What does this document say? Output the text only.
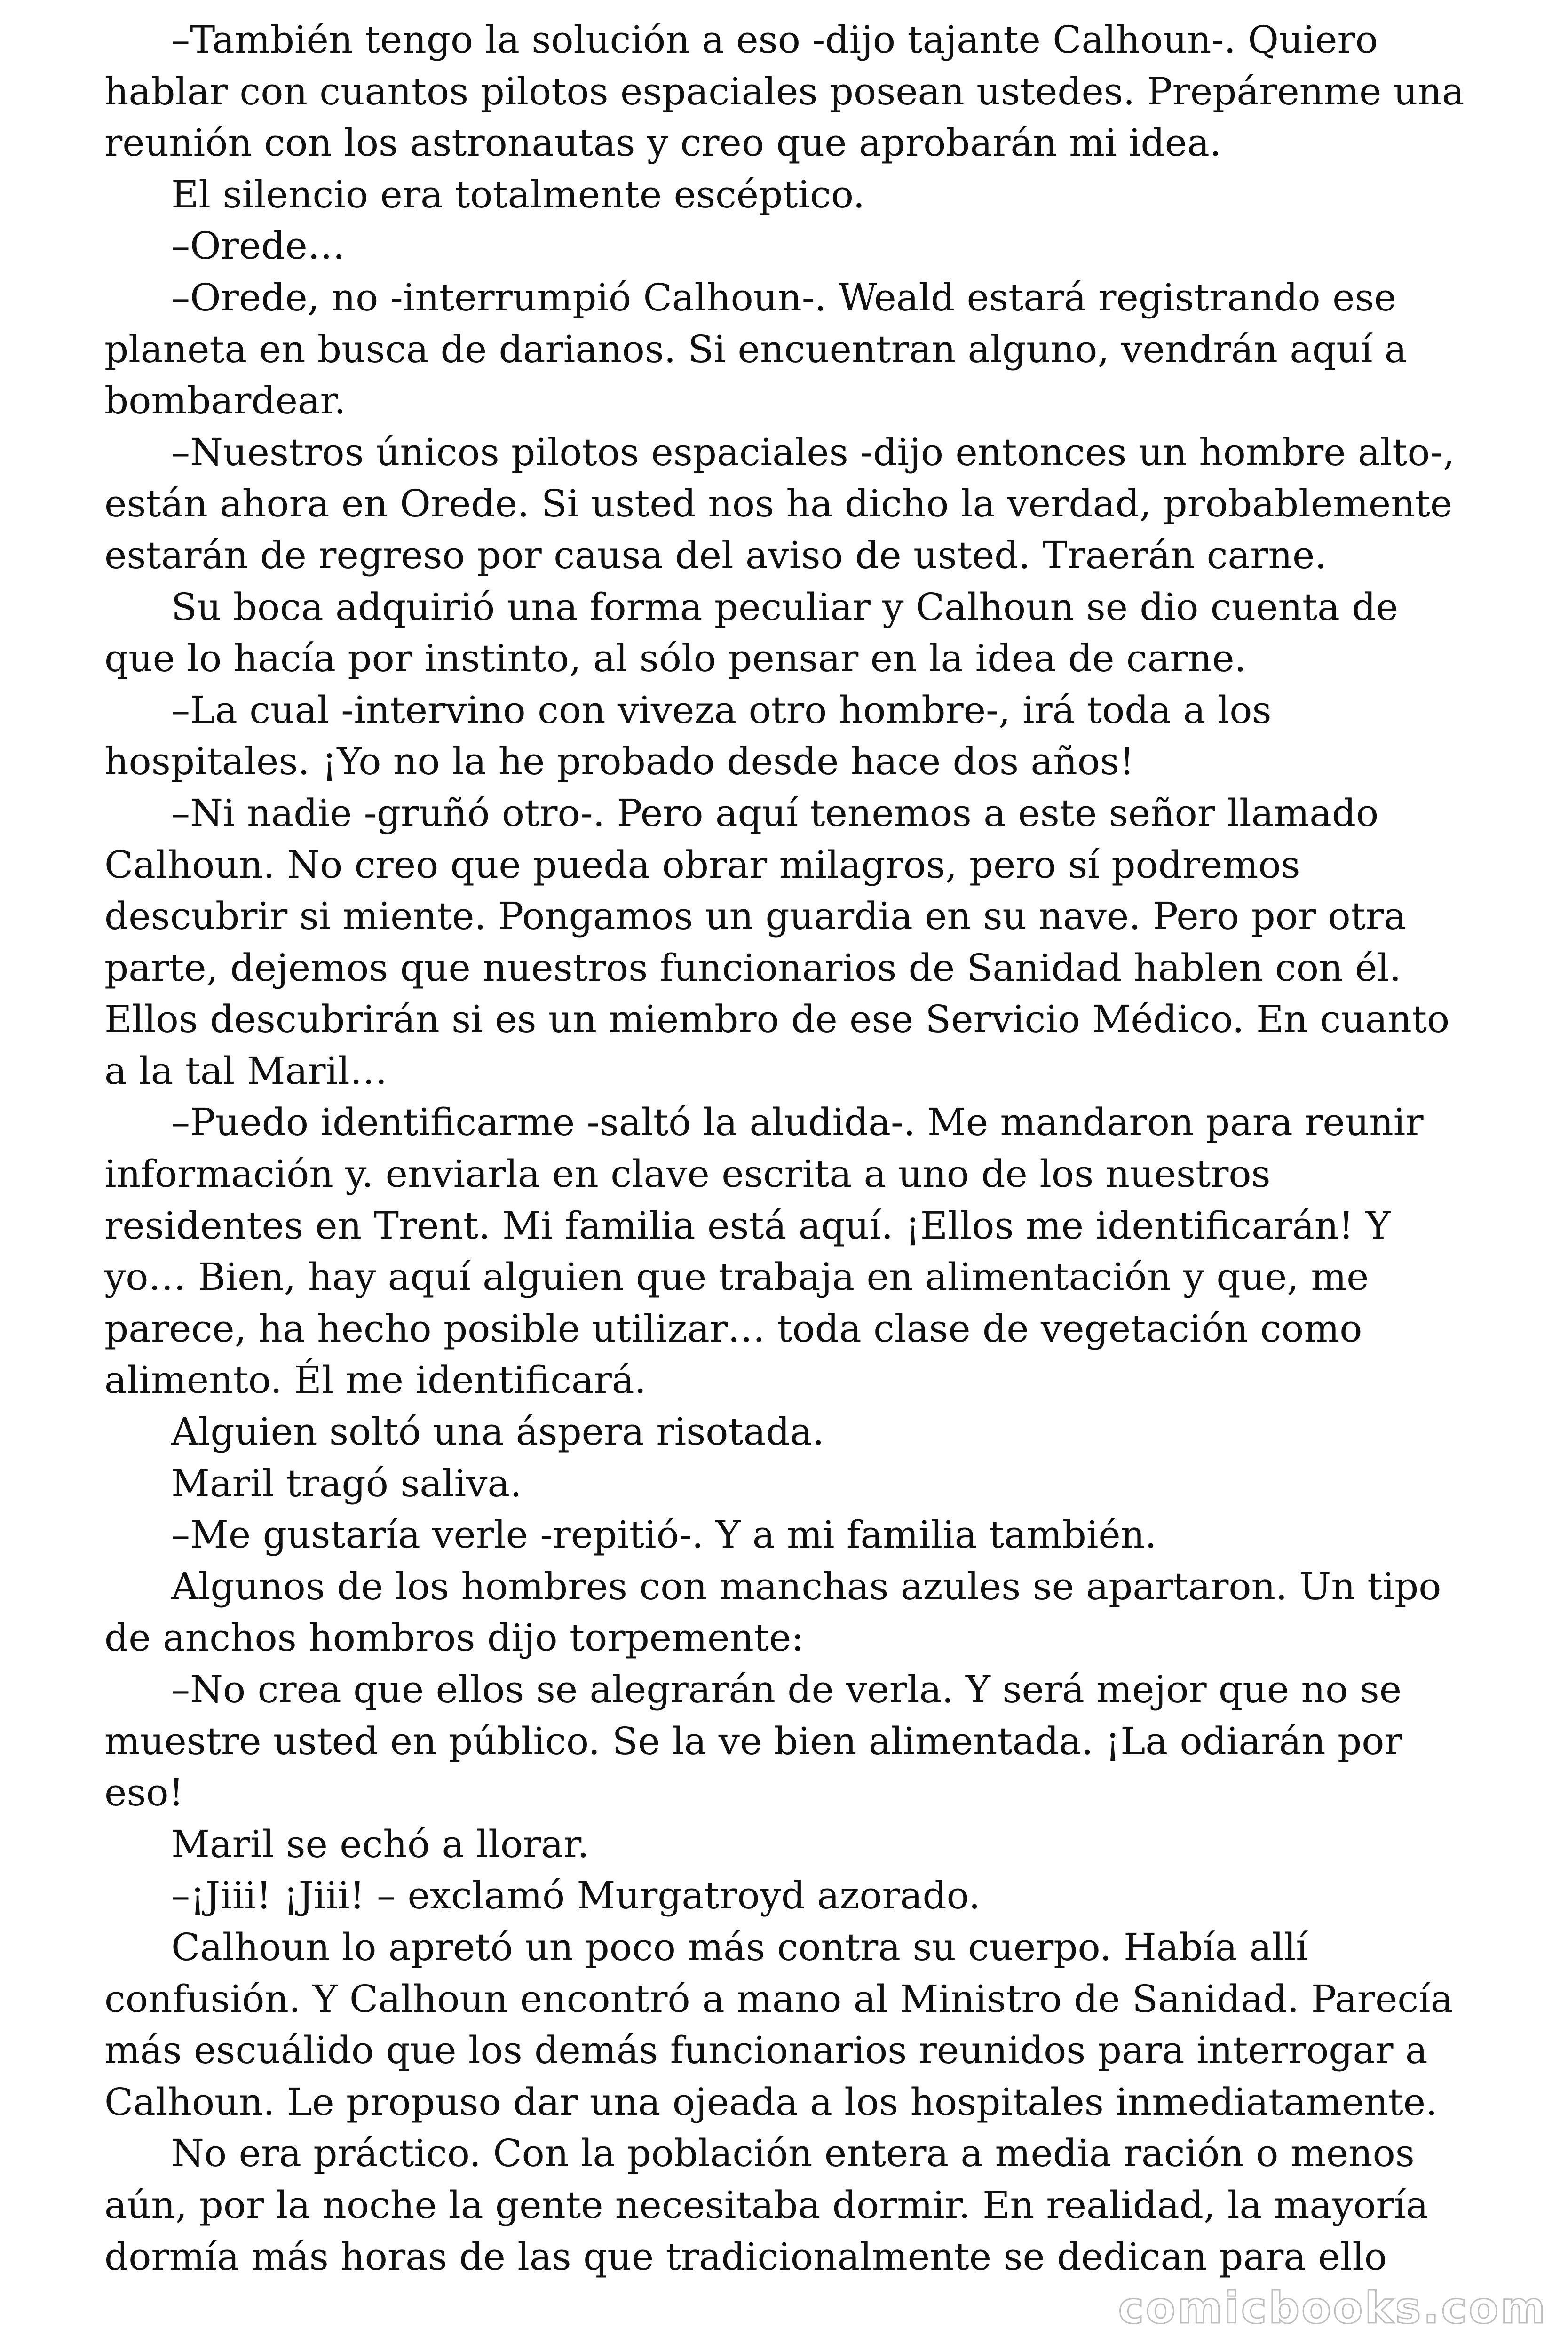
–También tengo la solución a eso -dijo tajante Calhoun-. Quiero
hablar con cuantos pilotos espaciales posean ustedes. Prepárenme una
reunión con los astronautas y creo que aprobarán mi idea.
El silencio era totalmente escéptico.
–Orede…
–Orede, no -interrumpió Calhoun-. Weald estará registrando ese
planeta en busca de darianos. Si encuentran alguno, vendrán aquí a
bombardear.
–Nuestros únicos pilotos espaciales -dijo entonces un hombre alto-,
están ahora en Orede. Si usted nos ha dicho la verdad, probablemente
estarán de regreso por causa del aviso de usted. Traerán carne.
Su boca adquirió una forma peculiar y Calhoun se dio cuenta de
que lo hacía por instinto, al sólo pensar en la idea de carne.
–La cual -intervino con viveza otro hombre-, irá toda a los
hospitales. ¡Yo no la he probado desde hace dos años!
–Ni nadie -gruñó otro-. Pero aquí tenemos a este señor llamado
Calhoun. No creo que pueda obrar milagros, pero sí podremos
descubrir si miente. Pongamos un guardia en su nave. Pero por otra
parte, dejemos que nuestros funcionarios de Sanidad hablen con él.
Ellos descubrirán si es un miembro de ese Servicio Médico. En cuanto
a la tal Maril…
–Puedo identificarme -saltó la aludida-. Me mandaron para reunir
información y. enviarla en clave escrita a uno de los nuestros
residentes en Trent. Mi familia está aquí. ¡Ellos me identificarán! Y
yo… Bien, hay aquí alguien que trabaja en alimentación y que, me
parece, ha hecho posible utilizar… toda clase de vegetación como
alimento. Él me identificará.
Alguien soltó una áspera risotada.
Maril tragó saliva.
–Me gustaría verle -repitió-. Y a mi familia también.
Algunos de los hombres con manchas azules se apartaron. Un tipo
de anchos hombros dijo torpemente:
–No crea que ellos se alegrarán de verla. Y será mejor que no se
muestre usted en público. Se la ve bien alimentada. ¡La odiarán por
eso!
Maril se echó a llorar.
–¡Jiii! ¡Jiii! – exclamó Murgatroyd azorado.
Calhoun lo apretó un poco más contra su cuerpo. Había allí
confusión. Y Calhoun encontró a mano al Ministro de Sanidad. Parecía
más escuálido que los demás funcionarios reunidos para interrogar a
Calhoun. Le propuso dar una ojeada a los hospitales inmediatamente.
No era práctico. Con la población entera a media ración o menos
aún, por la noche la gente necesitaba dormir. En realidad, la mayoría
dormía más horas de las que tradicionalmente se dedican para ello
comicbooks.com
